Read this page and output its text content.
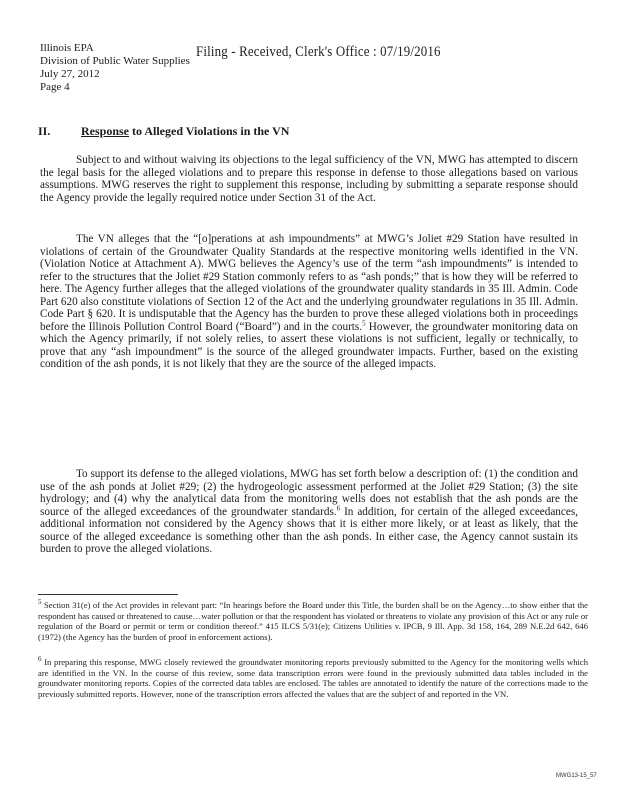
Illinois EPA
Division of Public Water Supplies
July 27, 2012
Page 4
Filing - Received, Clerk's Office : 07/19/2016
II.	Response to Alleged Violations in the VN

Subject to and without waiving its objections to the legal sufficiency of the VN, MWG has attempted to discern the legal basis for the alleged violations and to prepare this response in defense to those allegations based on various assumptions. MWG reserves the right to supplement this response, including by submitting a separate response should the Agency provide the legally required notice under Section 31 of the Act.

The VN alleges that the “[o]perations at ash impoundments” at MWG’s Joliet #29 Station have resulted in violations of certain of the Groundwater Quality Standards at the respective monitoring wells identified in the VN. (Violation Notice at Attachment A). MWG believes the Agency’s use of the term “ash impoundments” is intended to refer to the structures that the Joliet #29 Station commonly refers to as “ash ponds;” that is how they will be referred to here. The Agency further alleges that the alleged violations of the groundwater quality standards in 35 Ill. Admin. Code Part 620 also constitute violations of Section 12 of the Act and the underlying groundwater regulations in 35 Ill. Admin. Code Part § 620. It is undisputable that the Agency has the burden to prove these alleged violations both in proceedings before the Illinois Pollution Control Board (“Board”) and in the courts.$^5$ However, the groundwater monitoring data on which the Agency primarily, if not solely relies, to assert these violations is not sufficient, legally or technically, to prove that any “ash impoundment” is the source of the alleged groundwater impacts. Further, based on the existing condition of the ash ponds, it is not likely that they are the source of the alleged impacts.

To support its defense to the alleged violations, MWG has set forth below a description of: (1) the condition and use of the ash ponds at Joliet #29; (2) the hydrogeologic assessment performed at the Joliet #29 Station; (3) the site hydrology; and (4) why the analytical data from the monitoring wells does not establish that the ash ponds are the source of the alleged exceedances of the groundwater standards.$^6$ In addition, for certain of the alleged exceedances, additional information not considered by the Agency shows that it is either more likely, or at least as likely, that the source of the alleged exceedance is something other than the ash ponds. In either case, the Agency cannot sustain its burden to prove the alleged violations.

$^5$ Section 31(e) of the Act provides in relevant part: “In hearings before the Board under this Title, the burden shall be on the Agency…to show either that the respondent has caused or threatened to cause…water pollution or that the respondent has violated or threatens to violate any provision of this Act or any rule or regulation of the Board or permit or term or condition thereof.” 415 ILCS 5/31(e); Citizens Utilities v. IPCB, 9 Ill. App. 3d 158, 164, 289 N.E.2d 642, 646 (1972) (the Agency has the burden of proof in enforcement actions).

$^6$ In preparing this response, MWG closely reviewed the groundwater monitoring reports previously submitted to the Agency for the monitoring wells which are identified in the VN. In the course of this review, some data transcription errors were found in the previously submitted data tables included in the groundwater monitoring reports. Copies of the corrected data tables are enclosed. The tables are annotated to identify the nature of the corrections made to the previously submitted reports. However, none of the transcription errors affected the values that are the subject of and reported in the VN.

MWG13-15_57
